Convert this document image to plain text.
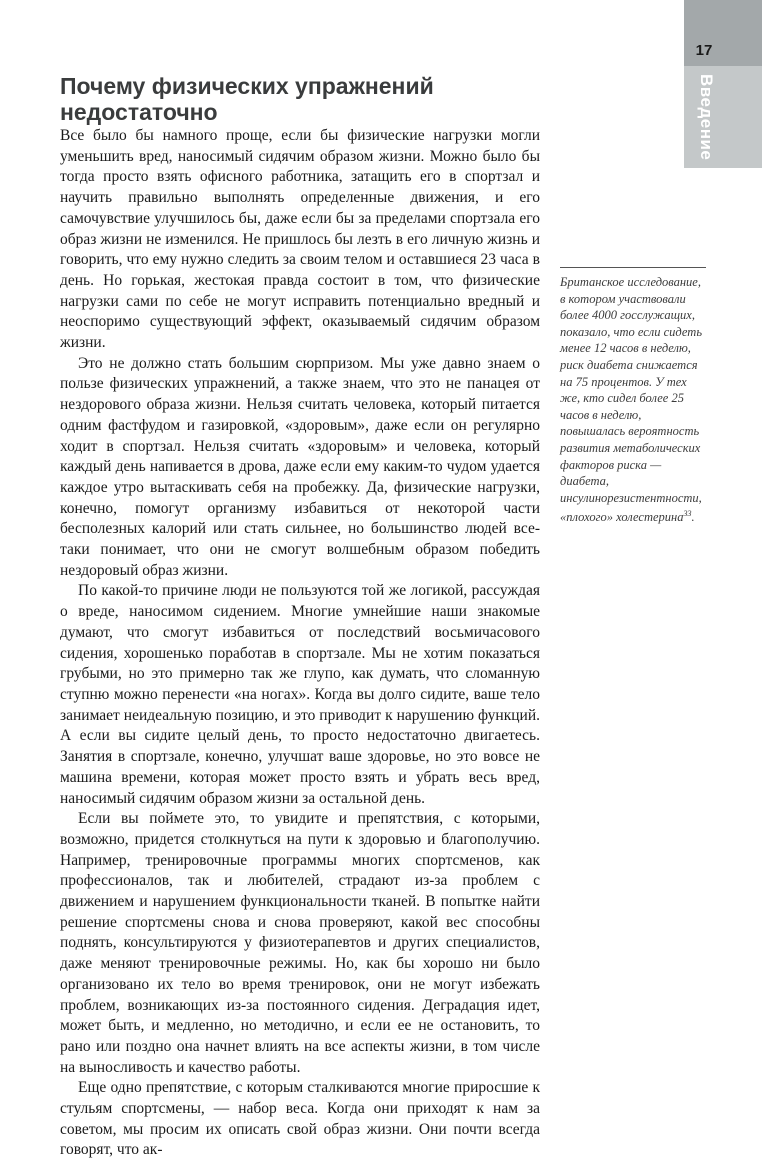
17
Введение
Почему физических упражнений
недостаточно

Все было бы намного проще, если бы физические нагрузки могли уменьшить вред, наносимый сидячим образом жизни. Можно было бы тогда просто взять офисного работника, затащить его в спортзал и научить правильно выполнять определенные движения, и его самочувствие улучшилось бы, даже если бы за пределами спортзала его образ жизни не изменился. Не пришлось бы лезть в его личную жизнь и говорить, что ему нужно следить за своим телом и оставшиеся 23 часа в день. Но горькая, жестокая правда состоит в том, что физические нагрузки сами по себе не могут исправить потенциально вредный и неоспоримо существующий эффект, оказываемый сидячим образом жизни.

Это не должно стать большим сюрпризом. Мы уже давно знаем о пользе физических упражнений, а также знаем, что это не панацея от нездорового образа жизни. Нельзя считать человека, который питается одним фастфудом и газировкой, «здоровым», даже если он регулярно ходит в спортзал. Нельзя считать «здоровым» и человека, который каждый день напивается в дрова, даже если ему каким-то чудом удается каждое утро вытаскивать себя на пробежку. Да, физические нагрузки, конечно, помогут организму избавиться от некоторой части бесполезных калорий или стать сильнее, но большинство людей все-таки понимает, что они не смогут волшебным образом победить нездоровый образ жизни.

По какой-то причине люди не пользуются той же логикой, рассуждая о вреде, наносимом сидением. Многие умнейшие наши знакомые думают, что смогут избавиться от последствий восьмичасового сидения, хорошенько поработав в спортзале. Мы не хотим показаться грубыми, но это примерно так же глупо, как думать, что сломанную ступню можно перенести «на ногах». Когда вы долго сидите, ваше тело занимает неидеальную позицию, и это приводит к нарушению функций. А если вы сидите целый день, то просто недостаточно двигаетесь. Занятия в спортзале, конечно, улучшат ваше здоровье, но это вовсе не машина времени, которая может просто взять и убрать весь вред, наносимый сидячим образом жизни за остальной день.

Если вы поймете это, то увидите и препятствия, с которыми, возможно, придется столкнуться на пути к здоровью и благополучию. Например, тренировочные программы многих спортсменов, как профессионалов, так и любителей, страдают из-за проблем с движением и нарушением функциональности тканей. В попытке найти решение спортсмены снова и снова проверяют, какой вес способны поднять, консультируются у физиотерапевтов и других специалистов, даже меняют тренировочные режимы. Но, как бы хорошо ни было организовано их тело во время тренировок, они не могут избежать проблем, возникающих из-за постоянного сидения. Деградация идет, может быть, и медленно, но методично, и если ее не остановить, то рано или поздно она начнет влиять на все аспекты жизни, в том числе на выносливость и качество работы.

Еще одно препятствие, с которым сталкиваются многие приросшие к стульям спортсмены, — набор веса. Когда они приходят к нам за советом, мы просим их описать свой образ жизни. Они почти всегда говорят, что ак-

Британское исследование, в котором участвовали более 4000 госслужащих, показало, что если сидеть менее 12 часов в неделю, риск диабета снижается на 75 процентов. У тех же, кто сидел более 25 часов в неделю, повышалась вероятность развития метаболических факторов риска — диабета, инсулинорезистентности, «плохого» холестерина$^{33}$.
